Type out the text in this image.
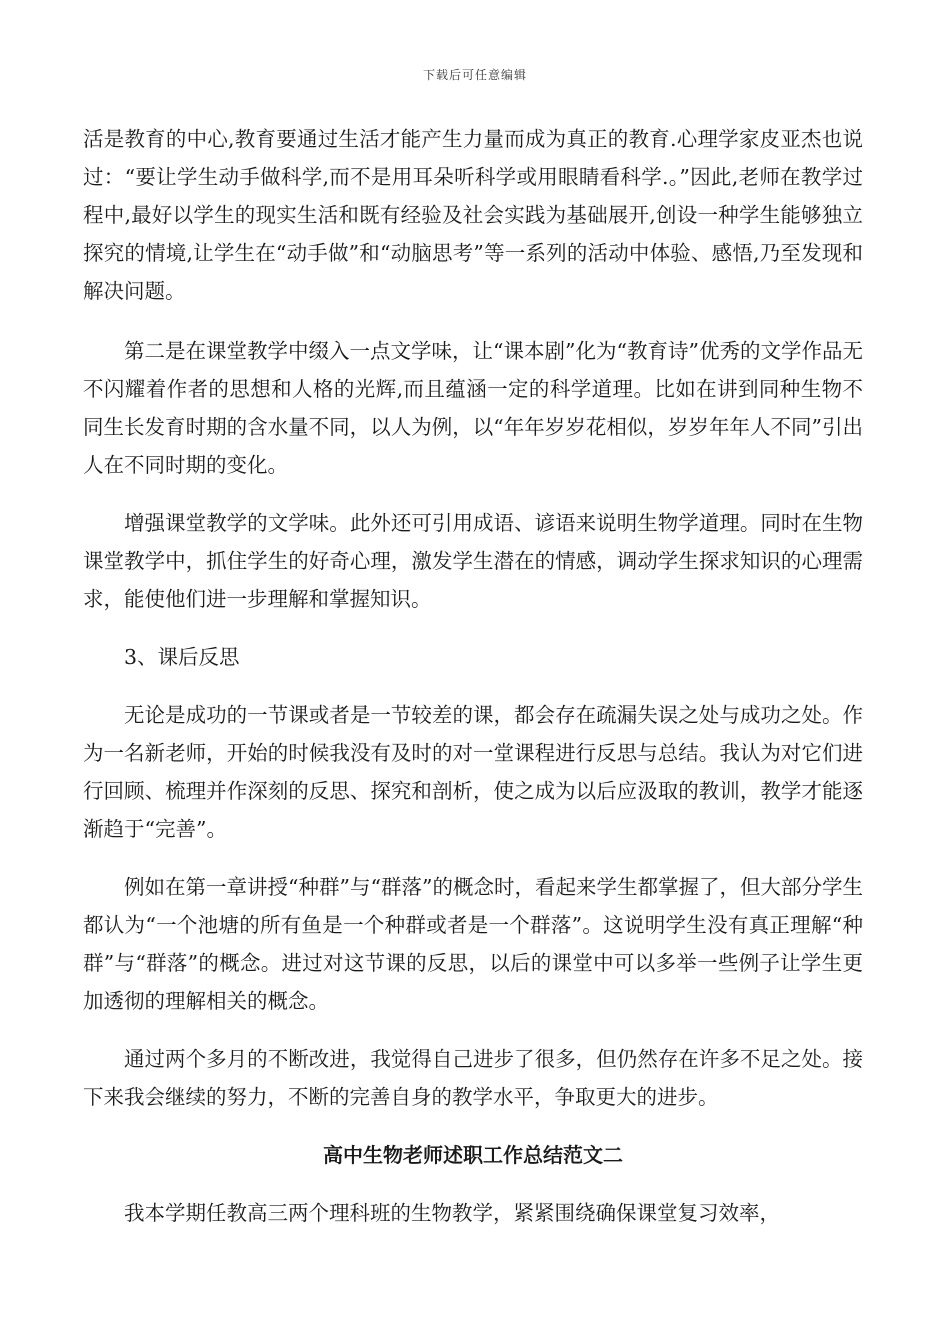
下载后可任意编辑

活是教育的中心,教育要通过生活才能产生力量而成为真正的教育.心理学家皮亚杰也说过：“要让学生动手做科学,而不是用耳朵听科学或用眼睛看科学.。”因此,老师在教学过程中,最好以学生的现实生活和既有经验及社会实践为基础展开,创设一种学生能够独立探究的情境,让学生在“动手做”和“动脑思考”等一系列的活动中体验、感悟,乃至发现和解决问题。

第二是在课堂教学中缀入一点文学味，让“课本剧”化为“教育诗”优秀的文学作品无不闪耀着作者的思想和人格的光辉,而且蕴涵一定的科学道理。比如在讲到同种生物不同生长发育时期的含水量不同，以人为例，以“年年岁岁花相似，岁岁年年人不同”引出人在不同时期的变化。

增强课堂教学的文学味。此外还可引用成语、谚语来说明生物学道理。同时在生物课堂教学中，抓住学生的好奇心理，激发学生潜在的情感，调动学生探求知识的心理需求，能使他们进一步理解和掌握知识。

3、课后反思

无论是成功的一节课或者是一节较差的课，都会存在疏漏失误之处与成功之处。作为一名新老师，开始的时候我没有及时的对一堂课程进行反思与总结。我认为对它们进行回顾、梳理并作深刻的反思、探究和剖析，使之成为以后应汲取的教训，教学才能逐渐趋于“完善”。

例如在第一章讲授“种群”与“群落”的概念时，看起来学生都掌握了，但大部分学生都认为“一个池塘的所有鱼是一个种群或者是一个群落”。这说明学生没有真正理解“种群”与“群落”的概念。进过对这节课的反思，以后的课堂中可以多举一些例子让学生更加透彻的理解相关的概念。

通过两个多月的不断改进，我觉得自己进步了很多，但仍然存在许多不足之处。接下来我会继续的努力，不断的完善自身的教学水平，争取更大的进步。

高中生物老师述职工作总结范文二

我本学期任教高三两个理科班的生物教学，紧紧围绕确保课堂复习效率，
